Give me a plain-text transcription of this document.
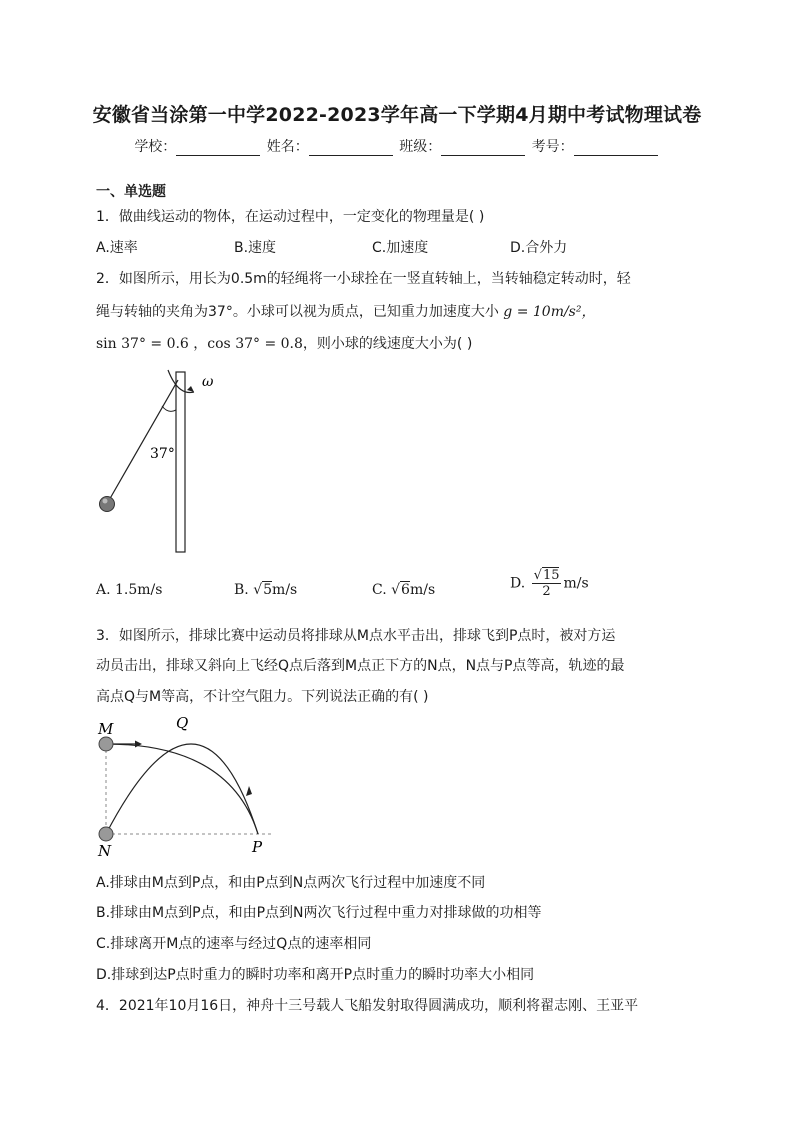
安徽省当涂第一中学2022-2023学年高一下学期4月期中考试物理试卷
学校：	姓名：	班级：	考号：
一、单选题
1．做曲线运动的物体，在运动过程中，一定变化的物理量是( )
A.速率	B.速度	C.加速度	D.合外力
2．如图所示，用长为0.5m的轻绳将一小球拴在一竖直转轴上，当转轴稳定转动时，轻
绳与转轴的夹角为37°。小球可以视为质点，已知重力加速度大小 g = 10m/s²，
sin 37° = 0.6 ，cos 37° = 0.8，则小球的线速度大小为( )
37°
ω
A. 1.5m/s	B. √5m/s	C. √6m/s	D. $\frac{√15}{2} m/s$
3．如图所示，排球比赛中运动员将排球从M点水平击出，排球飞到P点时，被对方运
动员击出，排球又斜向上飞经Q点后落到M点正下方的N点，N点与P点等高，轨迹的最
高点Q与M等高，不计空气阻力。下列说法正确的有( )
M	Q
N	P
A.排球由M点到P点，和由P点到N点两次飞行过程中加速度不同
B.排球由M点到P点，和由P点到N两次飞行过程中重力对排球做的功相等
C.排球离开M点的速率与经过Q点的速率相同
D.排球到达P点时重力的瞬时功率和离开P点时重力的瞬时功率大小相同
4．2021年10月16日，神舟十三号载人飞船发射取得圆满成功，顺利将翟志刚、王亚平
